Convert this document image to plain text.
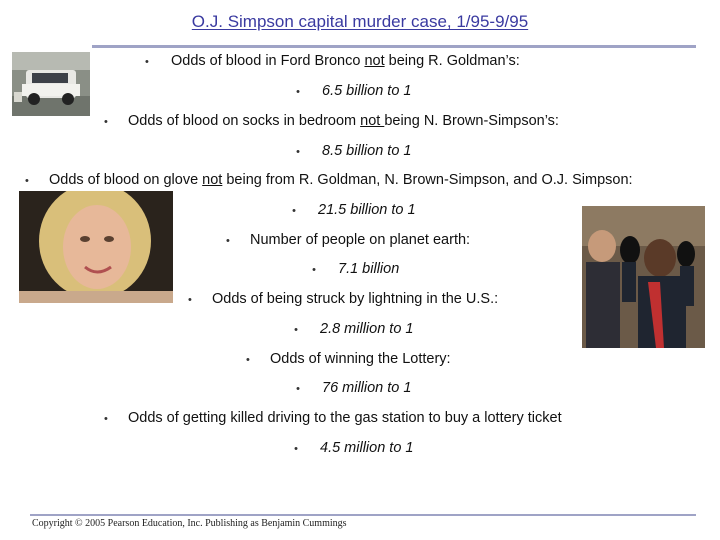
O.J. Simpson capital murder case, 1/95-9/95
• Odds of blood in Ford Bronco not being R. Goldman’s:
• 6.5 billion to 1
• Odds of blood on socks in bedroom not being N. Brown-Simpson’s:
• 8.5 billion to 1
• Odds of blood on glove not being from R. Goldman, N. Brown-Simpson, and O.J. Simpson:
• 21.5 billion to 1
• Number of people on planet earth:
• 7.1 billion
• Odds of being struck by lightning in the U.S.:
• 2.8 million to 1
• Odds of winning the Lottery:
• 76 million to 1
• Odds of getting killed driving to the gas station to buy a lottery ticket
• 4.5 million to 1
Copyright © 2005 Pearson Education, Inc. Publishing as Benjamin Cummings
